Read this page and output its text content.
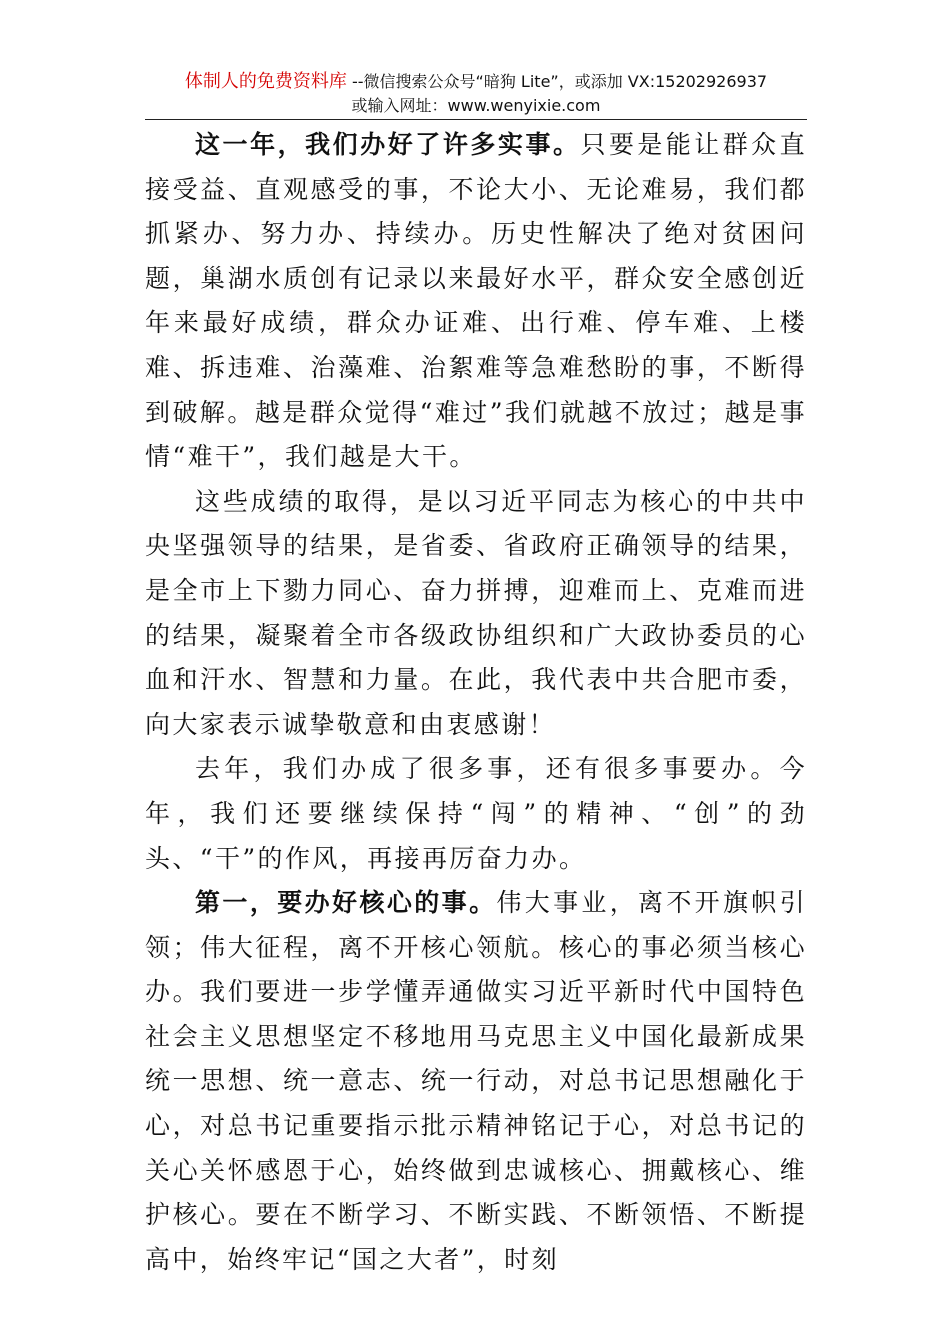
体制人的免费资料库 --微信搜索公众号“暗狗 Lite”，或添加 VX:15202926937
或输入网址：www.wenyixie.com

这一年，我们办好了许多实事。只要是能让群众直接受益、直观感受的事，不论大小、无论难易，我们都抓紧办、努力办、持续办。历史性解决了绝对贫困问题，巢湖水质创有记录以来最好水平，群众安全感创近年来最好成绩，群众办证难、出行难、停车难、上楼难、拆违难、治藻难、治絮难等急难愁盼的事，不断得到破解。越是群众觉得“难过”我们就越不放过；越是事情“难干”，我们越是大干。

这些成绩的取得，是以习近平同志为核心的中共中央坚强领导的结果，是省委、省政府正确领导的结果，是全市上下勠力同心、奋力拼搏，迎难而上、克难而进的结果，凝聚着全市各级政协组织和广大政协委员的心血和汗水、智慧和力量。在此，我代表中共合肥市委，向大家表示诚挚敬意和由衷感谢！

去年，我们办成了很多事，还有很多事要办。今年，我们还要继续保持“闯”的精神、“创”的劲头、“干”的作风，再接再厉奋力办。

第一，要办好核心的事。伟大事业，离不开旗帜引领；伟大征程，离不开核心领航。核心的事必须当核心办。我们要进一步学懂弄通做实习近平新时代中国特色社会主义思想坚定不移地用马克思主义中国化最新成果统一思想、统一意志、统一行动，对总书记思想融化于心，对总书记重要指示批示精神铭记于心，对总书记的关心关怀感恩于心，始终做到忠诚核心、拥戴核心、维护核心。要在不断学习、不断实践、不断领悟、不断提高中，始终牢记“国之大者”，时刻
